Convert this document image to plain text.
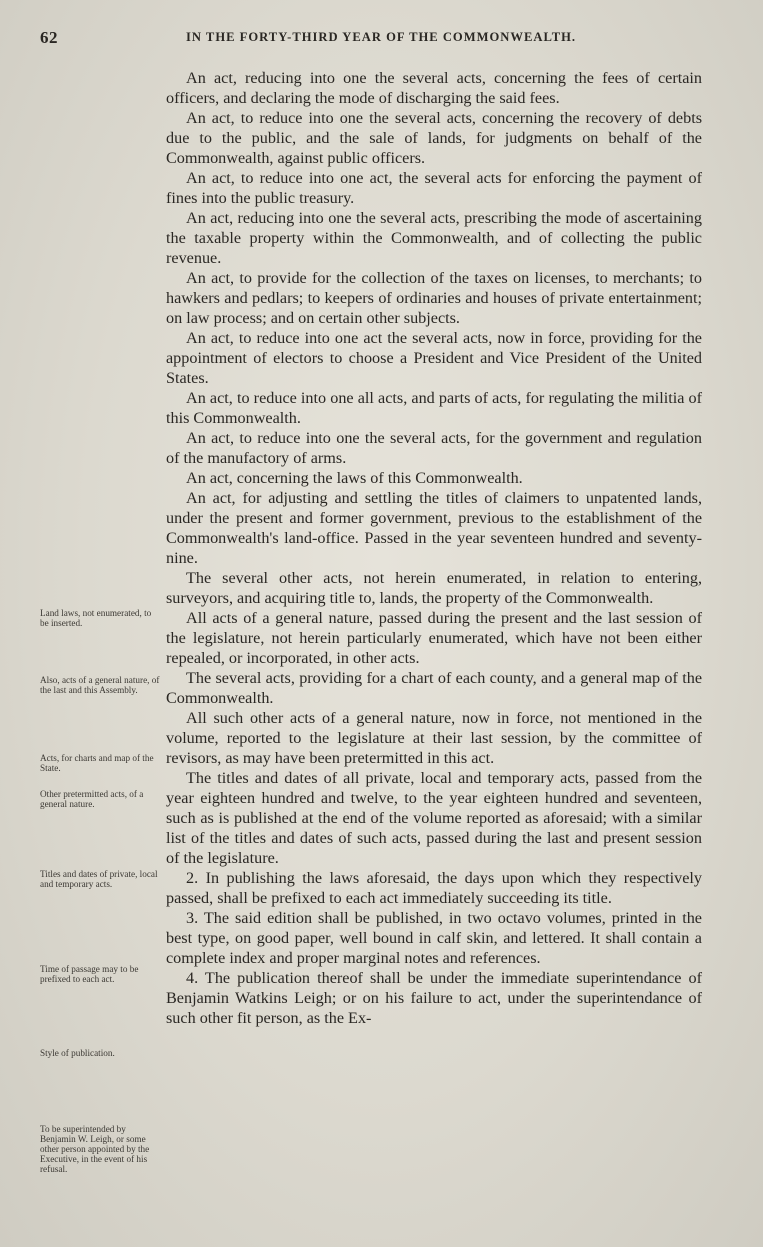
62	IN THE FORTY-THIRD YEAR OF THE COMMONWEALTH.

An act, reducing into one the several acts, concerning the fees of certain officers, and declaring the mode of discharging the said fees.

An act, to reduce into one the several acts, concerning the recovery of debts due to the public, and the sale of lands, for judgments on behalf of the Commonwealth, against public officers.

An act, to reduce into one act, the several acts for enforcing the payment of fines into the public treasury.

An act, reducing into one the several acts, prescribing the mode of ascertaining the taxable property within the Commonwealth, and of collecting the public revenue.

An act, to provide for the collection of the taxes on licenses, to merchants; to hawkers and pedlars; to keepers of ordinaries and houses of private entertainment; on law process; and on certain other subjects.

An act, to reduce into one act the several acts, now in force, providing for the appointment of electors to choose a President and Vice President of the United States.

An act, to reduce into one all acts, and parts of acts, for regulating the militia of this Commonwealth.

An act, to reduce into one the several acts, for the government and regulation of the manufactory of arms.

An act, concerning the laws of this Commonwealth.

An act, for adjusting and settling the titles of claimers to unpatented lands, under the present and former government, previous to the establishment of the Commonwealth's land-office. Passed in the year seventeen hundred and seventy-nine.

The several other acts, not herein enumerated, in relation to entering, surveyors, and acquiring title to, lands, the property of the Commonwealth.

All acts of a general nature, passed during the present and the last session of the legislature, not herein particularly enumerated, which have not been either repealed, or incorporated, in other acts.

The several acts, providing for a chart of each county, and a general map of the Commonwealth.

All such other acts of a general nature, now in force, not mentioned in the volume, reported to the legislature at their last session, by the committee of revisors, as may have been pretermitted in this act.

The titles and dates of all private, local and temporary acts, passed from the year eighteen hundred and twelve, to the year eighteen hundred and seventeen, such as is published at the end of the volume reported as aforesaid; with a similar list of the titles and dates of such acts, passed during the last and present session of the legislature.

2. In publishing the laws aforesaid, the days upon which they respectively passed, shall be prefixed to each act immediately succeeding its title.

3. The said edition shall be published, in two octavo volumes, printed in the best type, on good paper, well bound in calf skin, and lettered. It shall contain a complete index and proper marginal notes and references.

4. The publication thereof shall be under the immediate superintendance of Benjamin Watkins Leigh; or on his failure to act, under the superintendance of such other fit person, as the Ex-

Land laws, not enumerated, to be inserted.
Also, acts of a general nature, of the last and this Assembly.
Acts, for charts and map of the State.
Other pretermitted acts, of a general nature.
Titles and dates of private, local and temporary acts.
Time of passage may to be prefixed to each act.
Style of publication.
To be superintended by Benjamin W. Leigh, or some other person appointed by the Executive, in the event of his refusal.
